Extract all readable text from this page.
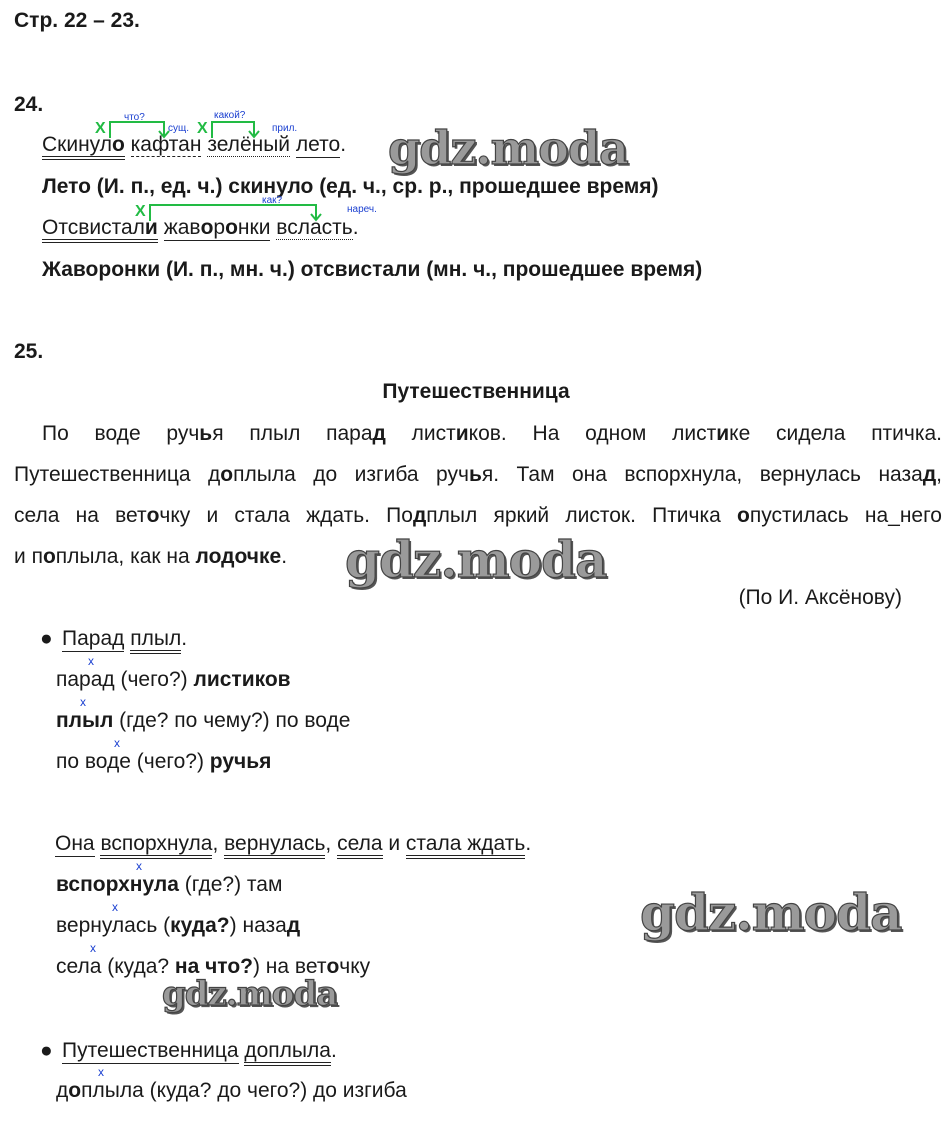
Стр. 22 – 23.
24.
X	X
что?
сущ.
какой?
прил.
Скинуло кафтан зелёный лето.
Лето (И. п., ед. ч.) скинуло (ед. ч., ср. р., прошедшее время)
X
как?
нареч.
Отсвистали жаворонки всласть.
Жаворонки (И. п., мн. ч.) отсвистали (мн. ч., прошедшее время)
25.
Путешественница
По воде ручья плыл парад листиков. На одном листике сидела птичка.
Путешественница доплыла до изгиба ручья. Там она вспорхнула, вернулась назад,
села на веточку и стала ждать. Подплыл яркий листок. Птичка опустилась на_него
и поплыла, как на лодочке.
(По И. Аксёнову)
● Парад плыл.
x
парад (чего?) листиков
x
плыл (где? по чему?) по воде
x
по воде (чего?) ручья
Она вспорхнула, вернулась, села и стала ждать.
x
вспорхнула (где?) там
x
вернулась (куда?) назад
x
села (куда? на что?) на веточку
● Путешественница доплыла.
x
доплыла (куда? до чего?) до изгиба
gdz.moda
gdz.moda
gdz.moda
gdz.moda
